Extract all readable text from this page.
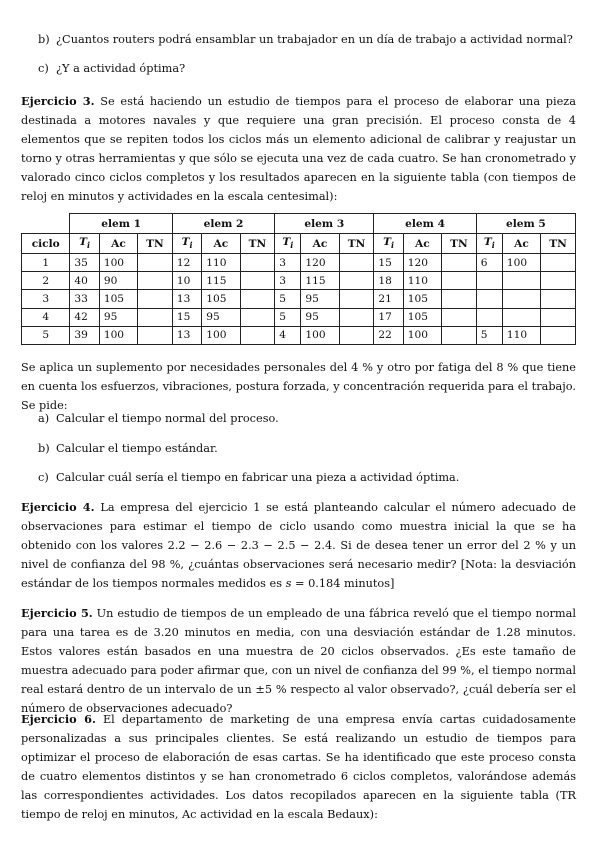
b) ¿Cuantos routers podrá ensamblar un trabajador en un día de trabajo a actividad normal?
c) ¿Y a actividad óptima?

Ejercicio 3. Se está haciendo un estudio de tiempos para el proceso de elaborar una pieza destinada a motores navales y que requiere una gran precisión. El proceso consta de 4 elementos que se repiten todos los ciclos más un elemento adicional de calibrar y reajustar un torno y otras herramientas y que sólo se ejecuta una vez de cada cuatro. Se han cronometrado y valorado cinco ciclos completos y los resultados aparecen en la siguiente tabla (con tiempos de reloj en minutos y actividades en la escala centesimal):

	elem 1			elem 2			elem 3			elem 4			elem 5		
ciclo	$T_i$	Ac	TN	$T_i$	Ac	TN	$T_i$	Ac	TN	$T_i$	Ac	TN	$T_i$	Ac	TN
1	35	100		12	110		3	120		15	120		6	100	
2	40	90		10	115		3	115		18	110				
3	33	105		13	105		5	95		21	105				
4	42	95		15	95		5	95		17	105				
5	39	100		13	100		4	100		22	100		5	110	

Se aplica un suplemento por necesidades personales del 4 % y otro por fatiga del 8 % que tiene en cuenta los esfuerzos, vibraciones, postura forzada, y concentración requerida para el trabajo. Se pide:

a) Calcular el tiempo normal del proceso.
b) Calcular el tiempo estándar.
c) Calcular cuál sería el tiempo en fabricar una pieza a actividad óptima.

Ejercicio 4. La empresa del ejercicio 1 se está planteando calcular el número adecuado de observaciones para estimar el tiempo de ciclo usando como muestra inicial la que se ha obtenido con los valores 2.2 − 2.6 − 2.3 − 2.5 − 2.4. Si de desea tener un error del 2 % y un nivel de confianza del 98 %, ¿cuántas observaciones será necesario medir? [Nota: la desviación estándar de los tiempos normales medidos es s = 0.184 minutos]

Ejercicio 5. Un estudio de tiempos de un empleado de una fábrica reveló que el tiempo normal para una tarea es de 3.20 minutos en media, con una desviación estándar de 1.28 minutos. Estos valores están basados en una muestra de 20 ciclos observados. ¿Es este tamaño de muestra adecuado para poder afirmar que, con un nivel de confianza del 99 %, el tiempo normal real estará dentro de un intervalo de un ±5 % respecto al valor observado?, ¿cuál debería ser el número de observaciones adecuado?

Ejercicio 6. El departamento de marketing de una empresa envía cartas cuidadosamente personalizadas a sus principales clientes. Se está realizando un estudio de tiempos para optimizar el proceso de elaboración de esas cartas. Se ha identificado que este proceso consta de cuatro elementos distintos y se han cronometrado 6 ciclos completos, valorándose además las correspondientes actividades. Los datos recopilados aparecen en la siguiente tabla (TR tiempo de reloj en minutos, Ac actividad en la escala Bedaux):
